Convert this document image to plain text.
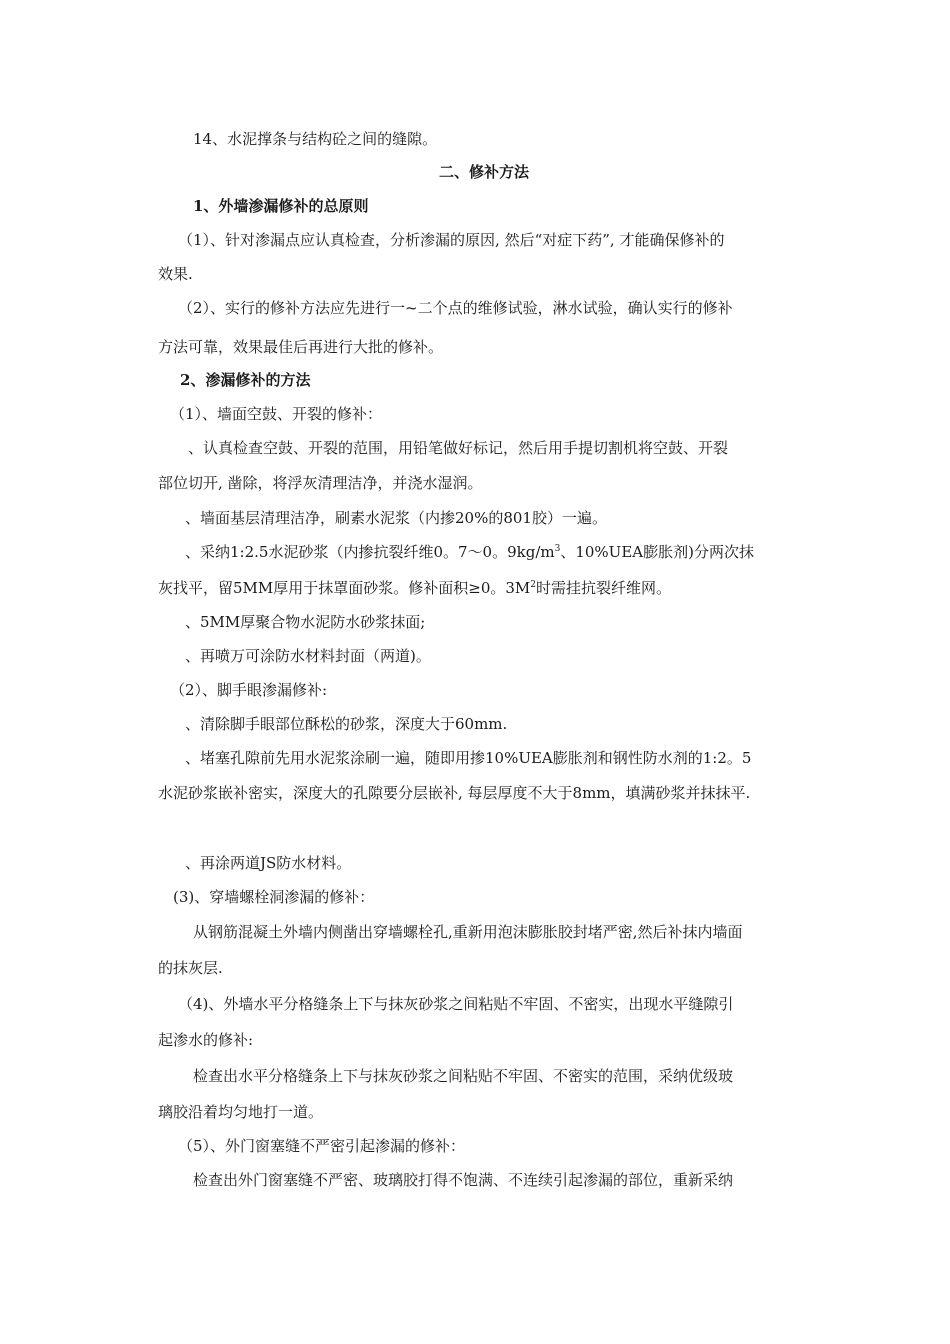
14、水泥撑条与结构砼之间的缝隙。
二、修补方法
1、外墙渗漏修补的总原则
（1）、针对渗漏点应认真检查，分析渗漏的原因, 然后“对症下药”, 才能确保修补的
效果.
（2）、实行的修补方法应先进行一~二个点的维修试验，淋水试验，确认实行的修补
方法可靠，效果最佳后再进行大批的修补。
2、渗漏修补的方法
（1）、墙面空鼓、开裂的修补：
、认真检查空鼓、开裂的范围，用铅笔做好标记，然后用手提切割机将空鼓、开裂
部位切开, 凿除，将浮灰清理洁净，并浇水湿润。
、墙面基层清理洁净，刷素水泥浆（内掺20%的801胶）一遍。
、采纳1:2.5水泥砂浆（内掺抗裂纤维0。7～0。$9kg/m^3$、10%UEA膨胀剂)分两次抹
灰找平，留5MM厚用于抹罩面砂浆。修补面积≥0。$3M^2$时需挂抗裂纤维网。
、5MM厚聚合物水泥防水砂浆抹面;
、再喷万可涂防水材料封面（两道)。
（2）、脚手眼渗漏修补:
、清除脚手眼部位酥松的砂浆，深度大于60mm.
、堵塞孔隙前先用水泥浆涂刷一遍，随即用掺10%UEA膨胀剂和钢性防水剂的1:2。5
水泥砂浆嵌补密实，深度大的孔隙要分层嵌补, 每层厚度不大于8mm，填满砂浆并抹抹平.
、再涂两道JS防水材料。
(3)、穿墙螺栓洞渗漏的修补：
从钢筋混凝土外墙内侧凿出穿墙螺栓孔,重新用泡沫膨胀胶封堵严密,然后补抹内墙面
的抹灰层.
（4)、外墙水平分格缝条上下与抹灰砂浆之间粘贴不牢固、不密实，出现水平缝隙引
起渗水的修补:
检查出水平分格缝条上下与抹灰砂浆之间粘贴不牢固、不密实的范围，采纳优级玻
璃胶沿着均匀地打一道。
（5）、外门窗塞缝不严密引起渗漏的修补：
检查出外门窗塞缝不严密、玻璃胶打得不饱满、不连续引起渗漏的部位，重新采纳
